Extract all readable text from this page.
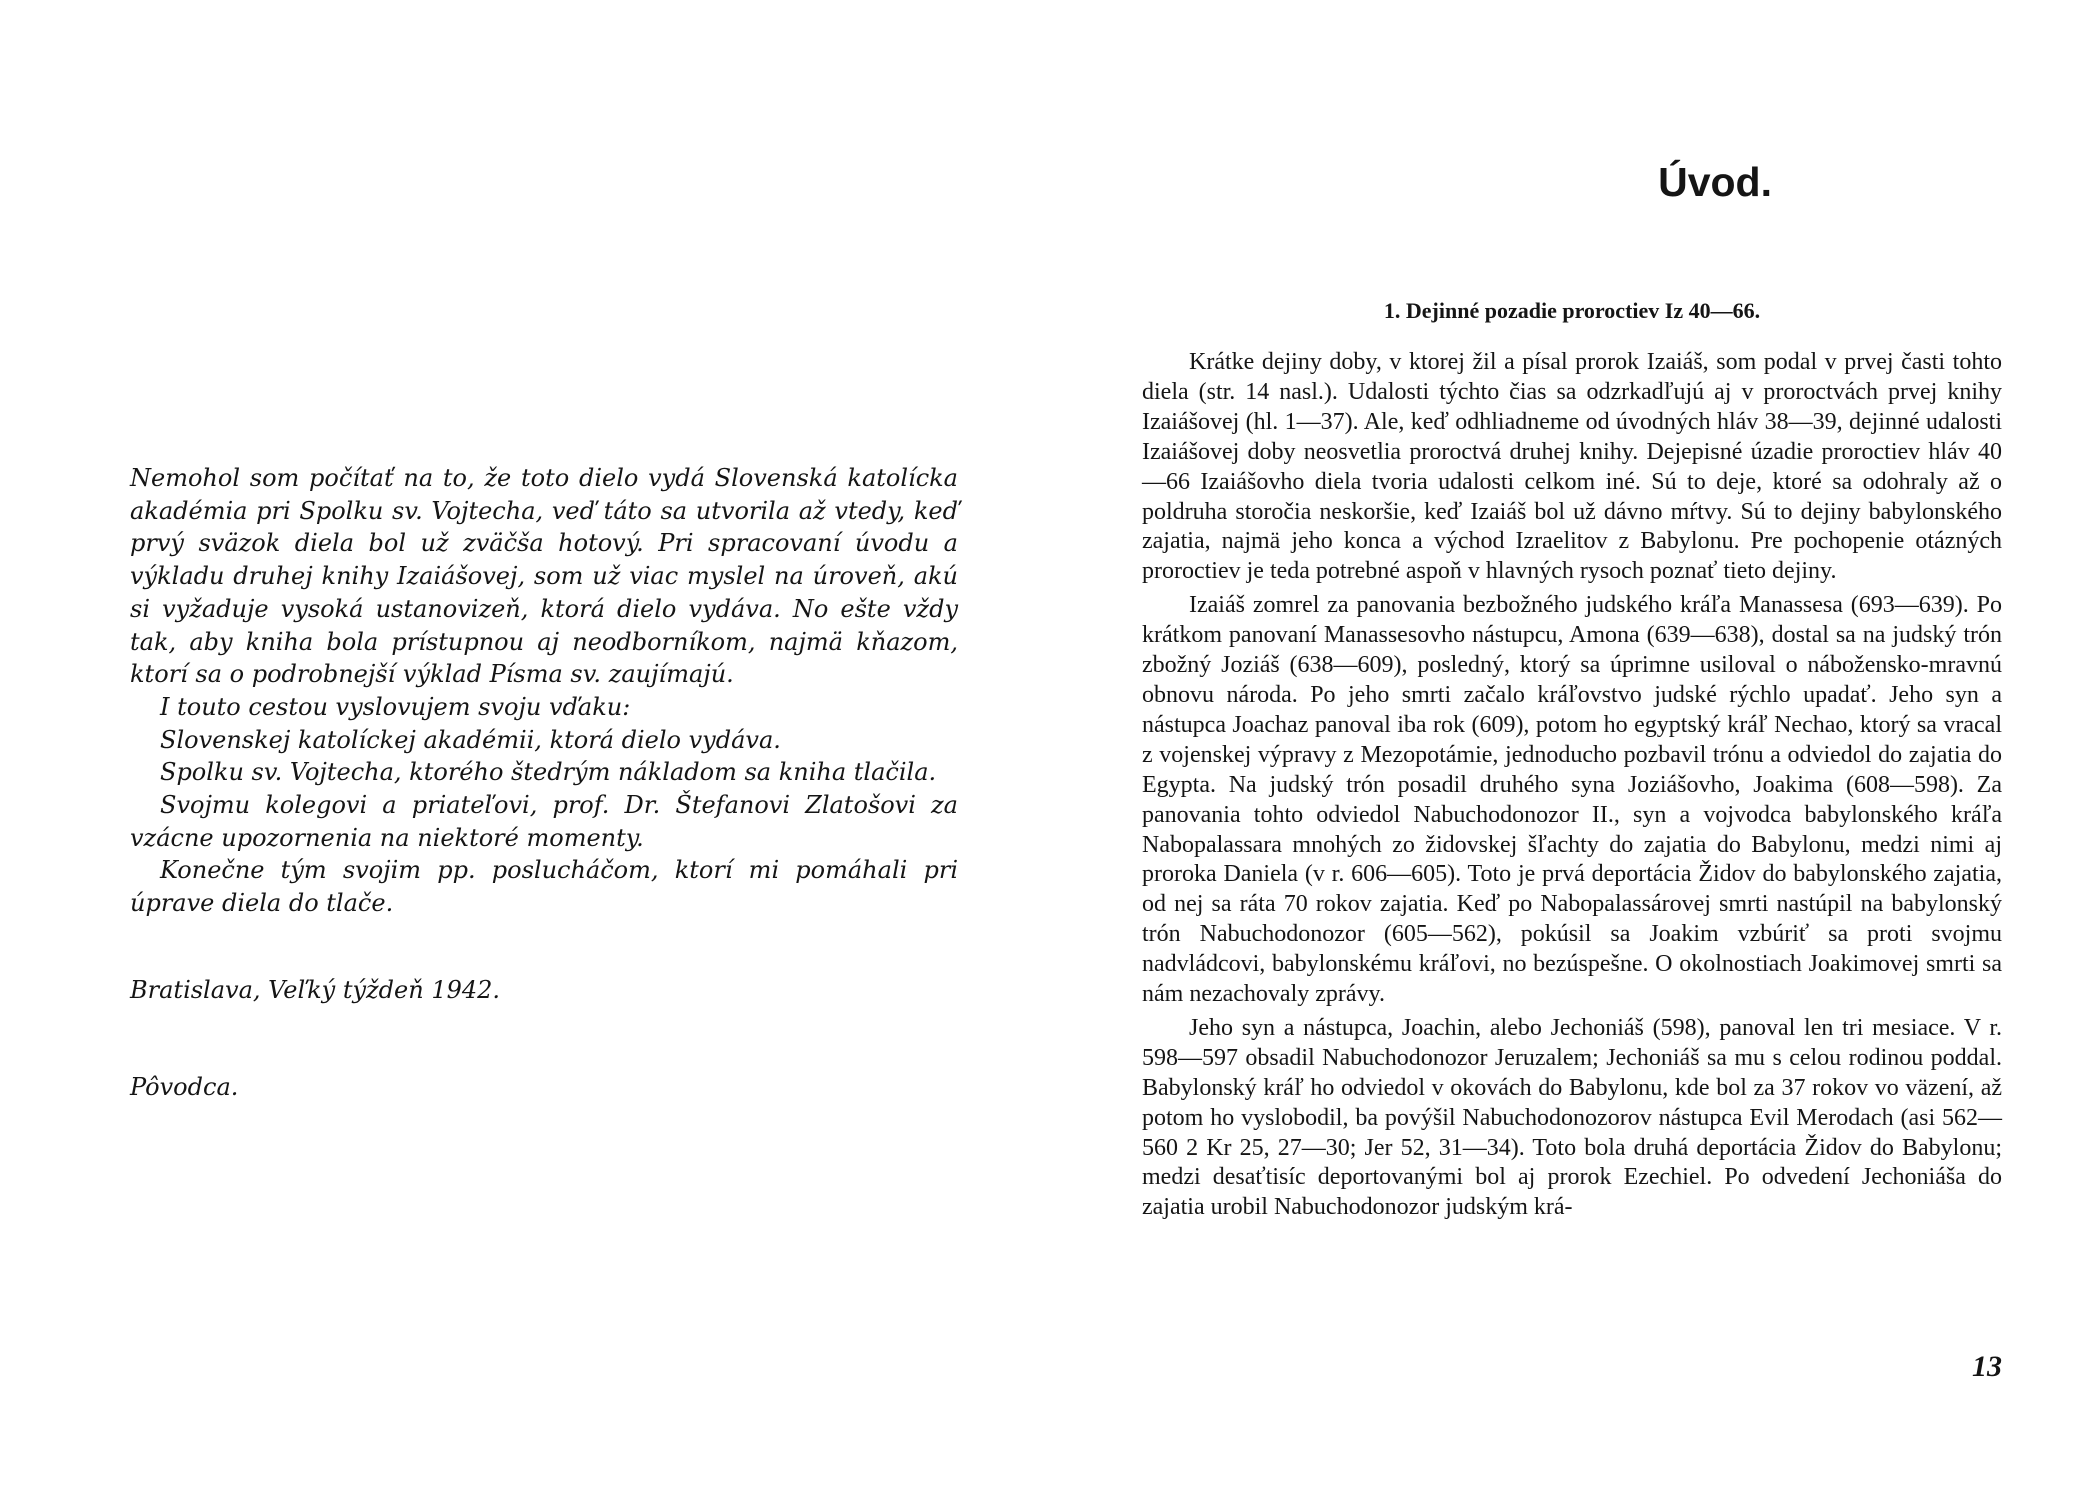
Nemohol som počítať na to, že toto dielo vydá Slovenská katolícka akadémia pri Spolku sv. Vojtecha, veď táto sa utvorila až vtedy, keď prvý sväzok diela bol už zväčša hotový. Pri spracovaní úvodu a výkladu druhej knihy Izaiášovej, som už viac myslel na úroveň, akú si vyžaduje vysoká ustanovizeň, ktorá dielo vydáva. No ešte vždy tak, aby kniha bola prístupnou aj neodborníkom, najmä kňazom, ktorí sa o podrobnejší výklad Písma sv. zaujímajú.

I touto cestou vyslovujem svoju vďaku:

Slovenskej katolíckej akadémii, ktorá dielo vydáva.

Spolku sv. Vojtecha, ktorého štedrým nákladom sa kniha tlačila.

Svojmu kolegovi a priateľovi, prof. Dr. Štefanovi Zlatošovi za vzácne upozornenia na niektoré momenty.

Konečne tým svojim pp. poslucháčom, ktorí mi pomáhali pri úprave diela do tlače.

Bratislava, Veľký týždeň 1942.

Pôvodca.

Úvod.
1. Dejinné pozadie proroctiev Iz 40—66.

Krátke dejiny doby, v ktorej žil a písal prorok Izaiáš, som podal v prvej časti tohto diela (str. 14 nasl.). Udalosti týchto čias sa odzrkadľujú aj v proroctvách prvej knihy Izaiášovej (hl. 1—37). Ale, keď odhliadneme od úvodných hláv 38—39, dejinné udalosti Izaiášovej doby neosvetlia proroctvá druhej knihy. Dejepisné úzadie proroctiev hláv 40—66 Izaiášovho diela tvoria udalosti celkom iné. Sú to deje, ktoré sa odohraly až o poldruha storočia neskoršie, keď Izaiáš bol už dávno mŕtvy. Sú to dejiny babylonského zajatia, najmä jeho konca a východ Izraelitov z Babylonu. Pre pochopenie otázných proroctiev je teda potrebné aspoň v hlavných rysoch poznať tieto dejiny.

Izaiáš zomrel za panovania bezbožného judského kráľa Manassesa (693—639). Po krátkom panovaní Manassesovho nástupcu, Amona (639—638), dostal sa na judský trón zbožný Joziáš (638—609), posledný, ktorý sa úprimne usiloval o nábožensko-mravnú obnovu národa. Po jeho smrti začalo kráľovstvo judské rýchlo upadať. Jeho syn a nástupca Joachaz panoval iba rok (609), potom ho egyptský kráľ Nechao, ktorý sa vracal z vojenskej výpravy z Mezopotámie, jednoducho pozbavil trónu a odviedol do zajatia do Egypta. Na judský trón posadil druhého syna Joziášovho, Joakima (608—598). Za panovania tohto odviedol Nabuchodonozor II., syn a vojvodca babylonského kráľa Nabopalassara mnohých zo židovskej šľachty do zajatia do Babylonu, medzi nimi aj proroka Daniela (v r. 606—605). Toto je prvá deportácia Židov do babylonského zajatia, od nej sa ráta 70 rokov zajatia. Keď po Nabopalassárovej smrti nastúpil na babylonský trón Nabuchodonozor (605—562), pokúsil sa Joakim vzbúriť sa proti svojmu nadvládcovi, babylonskému kráľovi, no bezúspešne. O okolnostiach Joakimovej smrti sa nám nezachovaly zprávy.

Jeho syn a nástupca, Joachin, alebo Jechoniáš (598), panoval len tri mesiace. V r. 598—597 obsadil Nabuchodonozor Jeruzalem; Jechoniáš sa mu s celou rodinou poddal. Babylonský kráľ ho odviedol v okovách do Babylonu, kde bol za 37 rokov vo väzení, až potom ho vyslobodil, ba povýšil Nabuchodonozorov nástupca Evil Merodach (asi 562—560 2 Kr 25, 27—30; Jer 52, 31—34). Toto bola druhá deportácia Židov do Babylonu; medzi desaťtisíc deportovanými bol aj prorok Ezechiel. Po odvedení Jechoniáša do zajatia urobil Nabuchodonozor judským krá-

13
